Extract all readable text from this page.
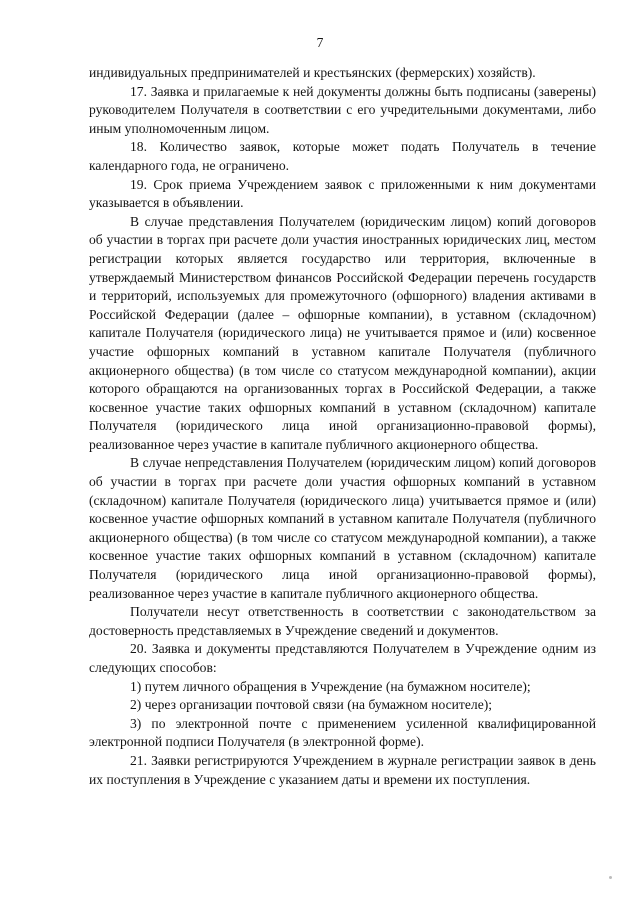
7

индивидуальных предпринимателей и крестьянских (фермерских) хозяйств).

17. Заявка и прилагаемые к ней документы должны быть подписаны (заверены) руководителем Получателя в соответствии с его учредительными документами, либо иным уполномоченным лицом.

18. Количество заявок, которые может подать Получатель в течение календарного года, не ограничено.

19. Срок приема Учреждением заявок с приложенными к ним документами указывается в объявлении.

В случае представления Получателем (юридическим лицом) копий договоров об участии в торгах при расчете доли участия иностранных юридических лиц, местом регистрации которых является государство или территория, включенные в утверждаемый Министерством финансов Российской Федерации перечень государств и территорий, используемых для промежуточного (офшорного) владения активами в Российской Федерации (далее – офшорные компании), в уставном (складочном) капитале Получателя (юридического лица) не учитывается прямое и (или) косвенное участие офшорных компаний в уставном капитале Получателя (публичного акционерного общества) (в том числе со статусом международной компании), акции которого обращаются на организованных торгах в Российской Федерации, а также косвенное участие таких офшорных компаний в уставном (складочном) капитале Получателя (юридического лица иной организационно-правовой формы), реализованное через участие в капитале публичного акционерного общества.

В случае непредставления Получателем (юридическим лицом) копий договоров об участии в торгах при расчете доли участия офшорных компаний в уставном (складочном) капитале Получателя (юридического лица) учитывается прямое и (или) косвенное участие офшорных компаний в уставном капитале Получателя (публичного акционерного общества) (в том числе со статусом международной компании), а также косвенное участие таких офшорных компаний в уставном (складочном) капитале Получателя (юридического лица иной организационно-правовой формы), реализованное через участие в капитале публичного акционерного общества.

Получатели несут ответственность в соответствии с законодательством за достоверность представляемых в Учреждение сведений и документов.

20. Заявка и документы представляются Получателем в Учреждение одним из следующих способов:

1) путем личного обращения в Учреждение (на бумажном носителе);

2) через организации почтовой связи (на бумажном носителе);

3) по электронной почте с применением усиленной квалифицированной электронной подписи Получателя (в электронной форме).

21. Заявки регистрируются Учреждением в журнале регистрации заявок в день их поступления в Учреждение с указанием даты и времени их поступления.
